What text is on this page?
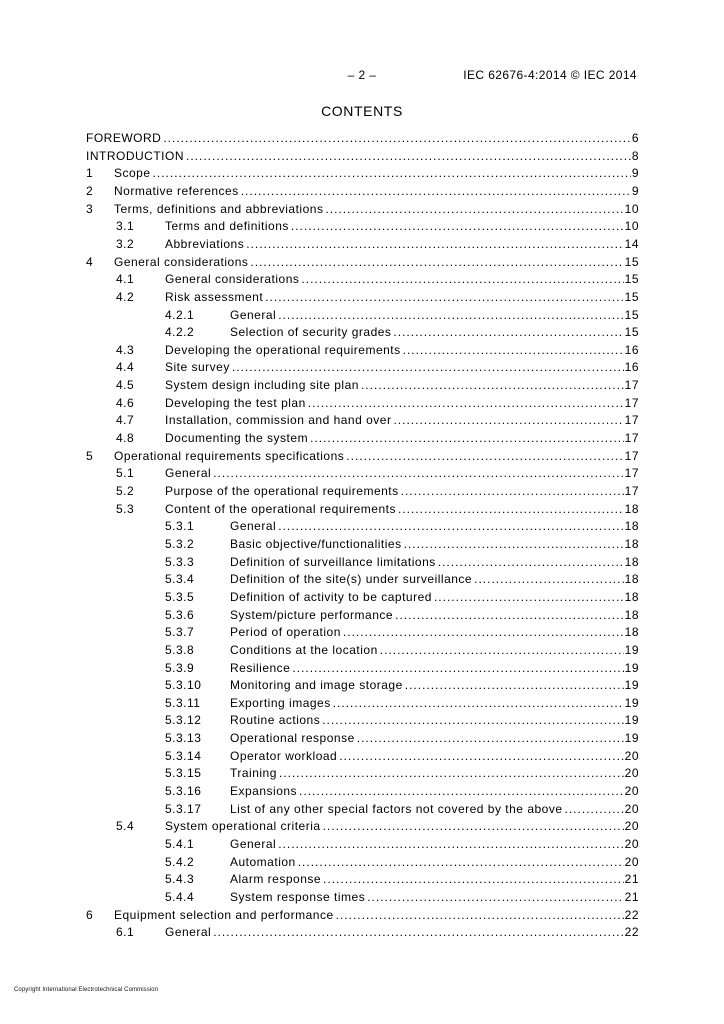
– 2 –	IEC 62676-4:2014 © IEC 2014
CONTENTS
FOREWORD .....	6
INTRODUCTION .....	8
1 Scope .....	9
2 Normative references .....	9
3 Terms, definitions and abbreviations .....	10
3.1	Terms and definitions .....	10
3.2	Abbreviations .....	14
4 General considerations .....	15
4.1	General considerations .....	15
4.2	Risk assessment .....	15
4.2.1	General .....	15
4.2.2	Selection of security grades .....	15
4.3	Developing the operational requirements .....	16
4.4	Site survey .....	16
4.5	System design including site plan .....	17
4.6	Developing the test plan .....	17
4.7	Installation, commission and hand over .....	17
4.8	Documenting the system .....	17
5 Operational requirements specifications .....	17
5.1	General .....	17
5.2	Purpose of the operational requirements .....	17
5.3	Content of the operational requirements .....	18
5.3.1	General .....	18
5.3.2	Basic objective/functionalities .....	18
5.3.3	Definition of surveillance limitations .....	18
5.3.4	Definition of the site(s) under surveillance .....	18
5.3.5	Definition of activity to be captured .....	18
5.3.6	System/picture performance .....	18
5.3.7	Period of operation .....	18
5.3.8	Conditions at the location .....	19
5.3.9	Resilience .....	19
5.3.10 Monitoring and image storage .....	19
5.3.11 Exporting images .....	19
5.3.12 Routine actions .....	19
5.3.13 Operational response .....	19
5.3.14 Operator workload .....	20
5.3.15 Training .....	20
5.3.16 Expansions .....	20
5.3.17 List of any other special factors not covered by the above .....	20
5.4	System operational criteria .....	20
5.4.1	General .....	20
5.4.2	Automation .....	20
5.4.3	Alarm response .....	21
5.4.4	System response times .....	21
6 Equipment selection and performance .....	22
6.1	General .....	22
Copyright International Electrotechnical Commission
